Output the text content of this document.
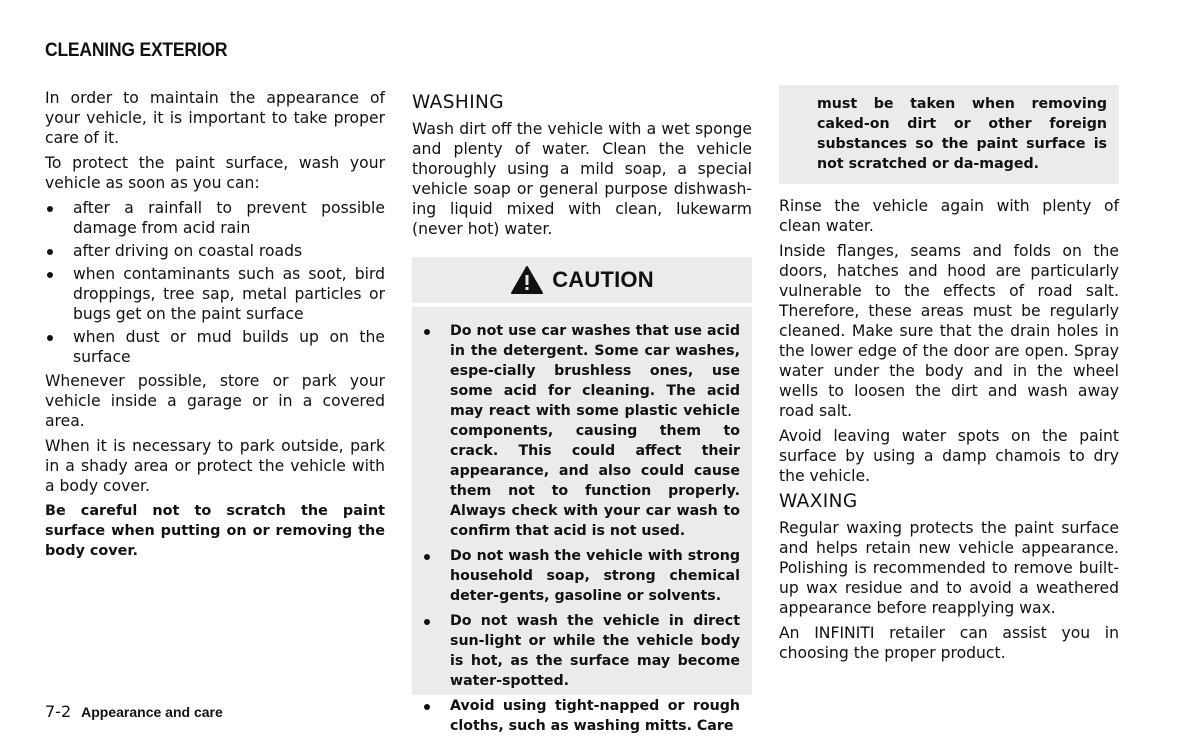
CLEANING EXTERIOR

In order to maintain the appearance of your vehicle, it is important to take proper care of it.

To protect the paint surface, wash your vehicle as soon as you can:

after a rainfall to prevent possible damage from acid rain
after driving on coastal roads
when contaminants such as soot, bird droppings, tree sap, metal particles or bugs get on the paint surface
when dust or mud builds up on the surface

Whenever possible, store or park your vehicle inside a garage or in a covered area.

When it is necessary to park outside, park in a shady area or protect the vehicle with a body cover.

Be careful not to scratch the paint surface when putting on or removing the body cover.

WASHING

Wash dirt off the vehicle with a wet sponge and plenty of water. Clean the vehicle thoroughly using a mild soap, a special vehicle soap or general purpose dishwash-ing liquid mixed with clean, lukewarm (never hot) water.

CAUTION
Do not use car washes that use acid in the detergent. Some car washes, espe-cially brushless ones, use some acid for cleaning. The acid may react with some plastic vehicle components, causing them to crack. This could affect their appearance, and also could cause them not to function properly. Always check with your car wash to confirm that acid is not used.
Do not wash the vehicle with strong household soap, strong chemical deter-gents, gasoline or solvents.
Do not wash the vehicle in direct sun-light or while the vehicle body is hot, as the surface may become water-spotted.
Avoid using tight-napped or rough cloths, such as washing mitts. Care

must be taken when removing caked-on dirt or other foreign substances so the paint surface is not scratched or da-maged.

Rinse the vehicle again with plenty of clean water.

Inside flanges, seams and folds on the doors, hatches and hood are particularly vulnerable to the effects of road salt. Therefore, these areas must be regularly cleaned. Make sure that the drain holes in the lower edge of the door are open. Spray water under the body and in the wheel wells to loosen the dirt and wash away road salt.

Avoid leaving water spots on the paint surface by using a damp chamois to dry the vehicle.

WAXING

Regular waxing protects the paint surface and helps retain new vehicle appearance. Polishing is recommended to remove built-up wax residue and to avoid a weathered appearance before reapplying wax.

An INFINITI retailer can assist you in choosing the proper product.

7-2 Appearance and care
